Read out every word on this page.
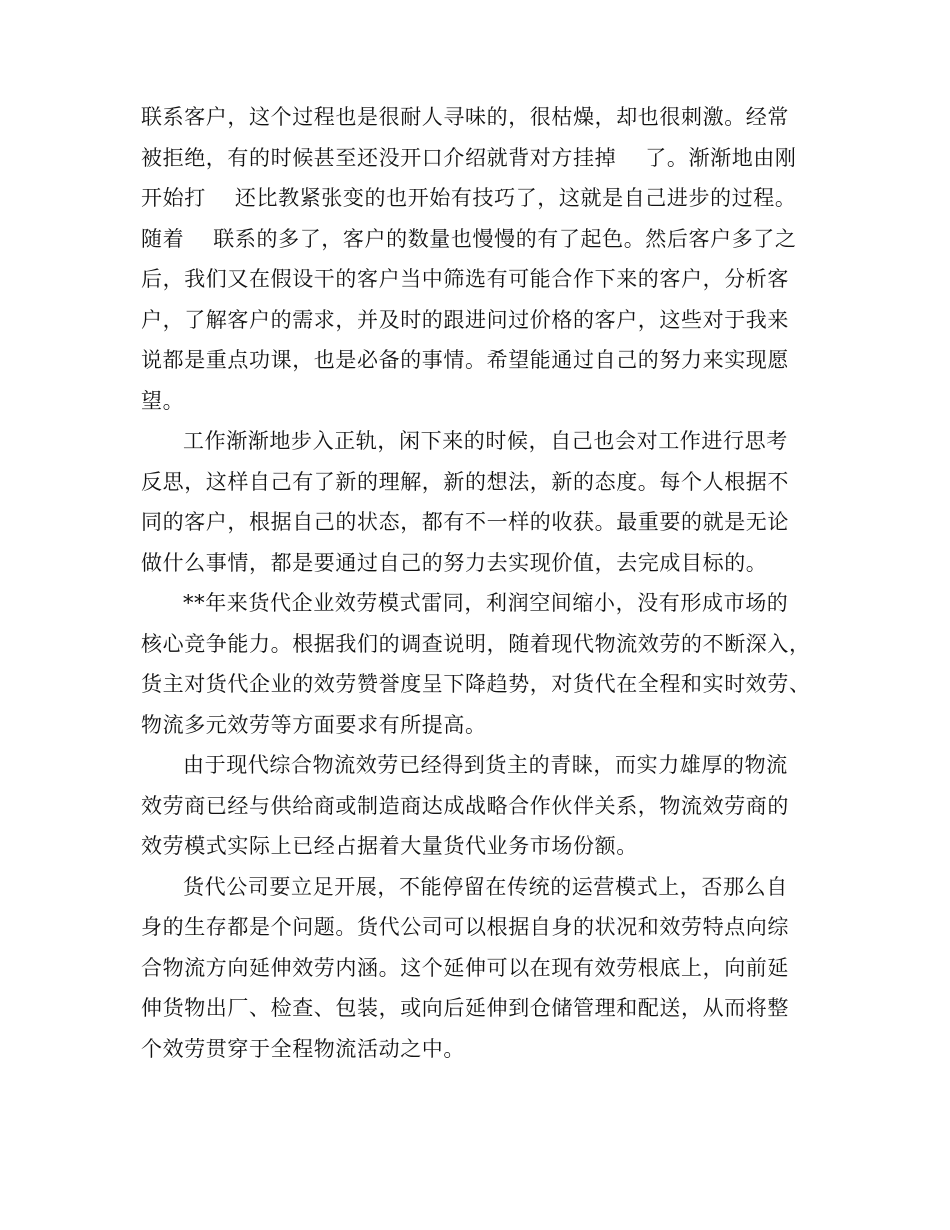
联系客户，这个过程也是很耐人寻味的，很枯燥，却也很刺激。经常
被拒绝，有的时候甚至还没开口介绍就背对方挂掉    了。渐渐地由刚
开始打    还比教紧张变的也开始有技巧了，这就是自己进步的过程。
随着    联系的多了，客户的数量也慢慢的有了起色。然后客户多了之
后，我们又在假设干的客户当中筛选有可能合作下来的客户，分析客
户，了解客户的需求，并及时的跟进问过价格的客户，这些对于我来
说都是重点功课，也是必备的事情。希望能通过自己的努力来实现愿
望。
工作渐渐地步入正轨，闲下来的时候，自己也会对工作进行思考
反思，这样自己有了新的理解，新的想法，新的态度。每个人根据不
同的客户，根据自己的状态，都有不一样的收获。最重要的就是无论
做什么事情，都是要通过自己的努力去实现价值，去完成目标的。
**年来货代企业效劳模式雷同，利润空间缩小，没有形成市场的
核心竞争能力。根据我们的调查说明，随着现代物流效劳的不断深入，
货主对货代企业的效劳赞誉度呈下降趋势，对货代在全程和实时效劳、
物流多元效劳等方面要求有所提高。
由于现代综合物流效劳已经得到货主的青睐，而实力雄厚的物流
效劳商已经与供给商或制造商达成战略合作伙伴关系，物流效劳商的
效劳模式实际上已经占据着大量货代业务市场份额。
货代公司要立足开展，不能停留在传统的运营模式上，否那么自
身的生存都是个问题。货代公司可以根据自身的状况和效劳特点向综
合物流方向延伸效劳内涵。这个延伸可以在现有效劳根底上，向前延
伸货物出厂、检查、包装，或向后延伸到仓储管理和配送，从而将整
个效劳贯穿于全程物流活动之中。
